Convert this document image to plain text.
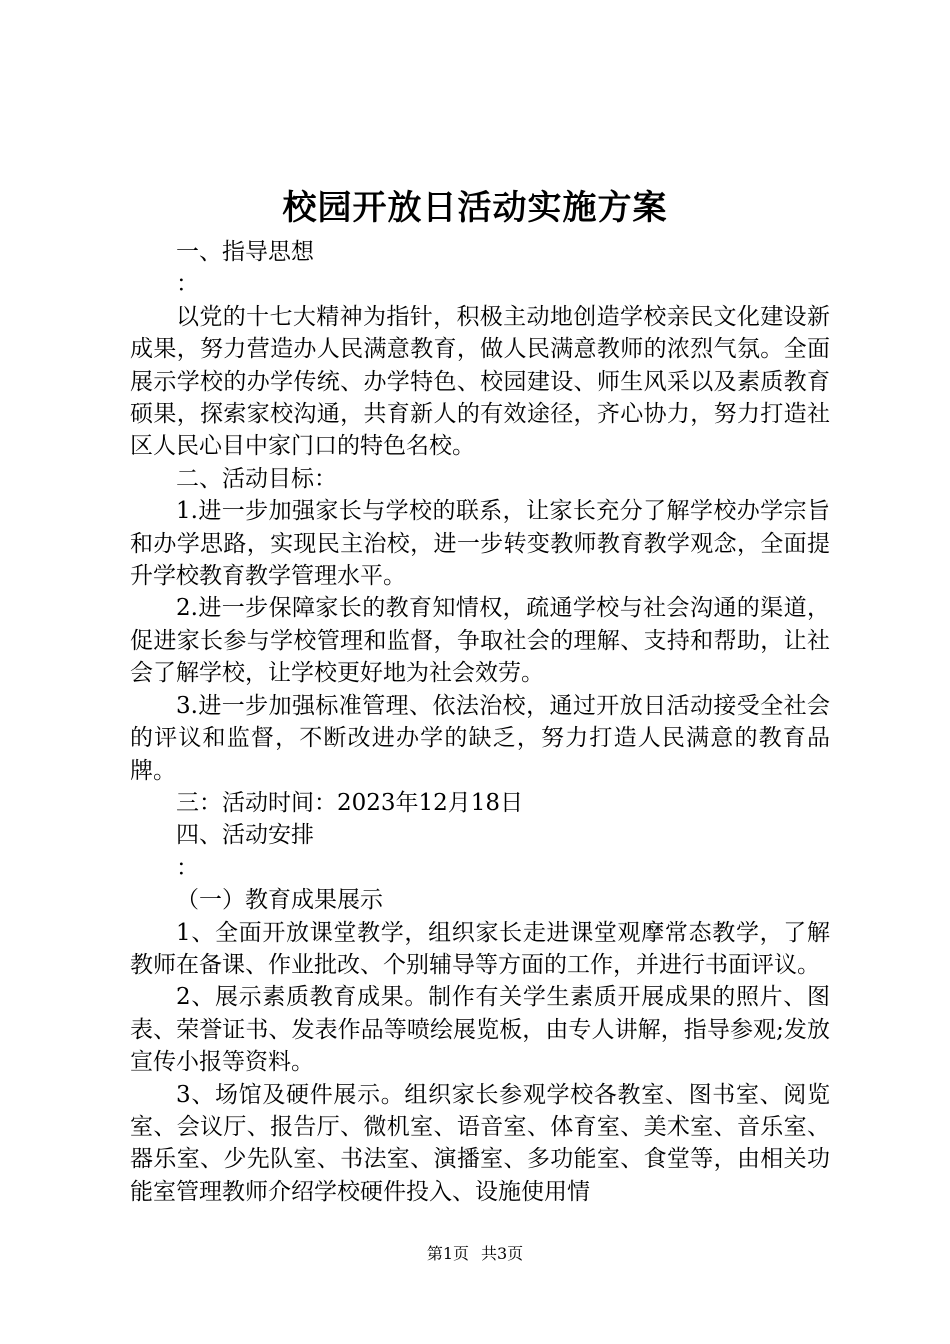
校园开放日活动实施方案

一、指导思想

：

以党的十七大精神为指针，积极主动地创造学校亲民文化建设新成果，努力营造办人民满意教育，做人民满意教师的浓烈气氛。全面展示学校的办学传统、办学特色、校园建设、师生风采以及素质教育硕果，探索家校沟通，共育新人的有效途径，齐心协力，努力打造社区人民心目中家门口的特色名校。

二、活动目标：

1.进一步加强家长与学校的联系，让家长充分了解学校办学宗旨和办学思路，实现民主治校，进一步转变教师教育教学观念，全面提升学校教育教学管理水平。

2.进一步保障家长的教育知情权，疏通学校与社会沟通的渠道，促进家长参与学校管理和监督，争取社会的理解、支持和帮助，让社会了解学校，让学校更好地为社会效劳。

3.进一步加强标准管理、依法治校，通过开放日活动接受全社会的评议和监督，不断改进办学的缺乏，努力打造人民满意的教育品牌。

三：活动时间：2023年12月18日

四、活动安排

：

（一）教育成果展示

1、全面开放课堂教学，组织家长走进课堂观摩常态教学，了解教师在备课、作业批改、个别辅导等方面的工作，并进行书面评议。

2、展示素质教育成果。制作有关学生素质开展成果的照片、图表、荣誉证书、发表作品等喷绘展览板，由专人讲解，指导参观;发放宣传小报等资料。

3、场馆及硬件展示。组织家长参观学校各教室、图书室、阅览室、会议厅、报告厅、微机室、语音室、体育室、美术室、音乐室、器乐室、少先队室、书法室、演播室、多功能室、食堂等，由相关功能室管理教师介绍学校硬件投入、设施使用情

第1页 共3页
